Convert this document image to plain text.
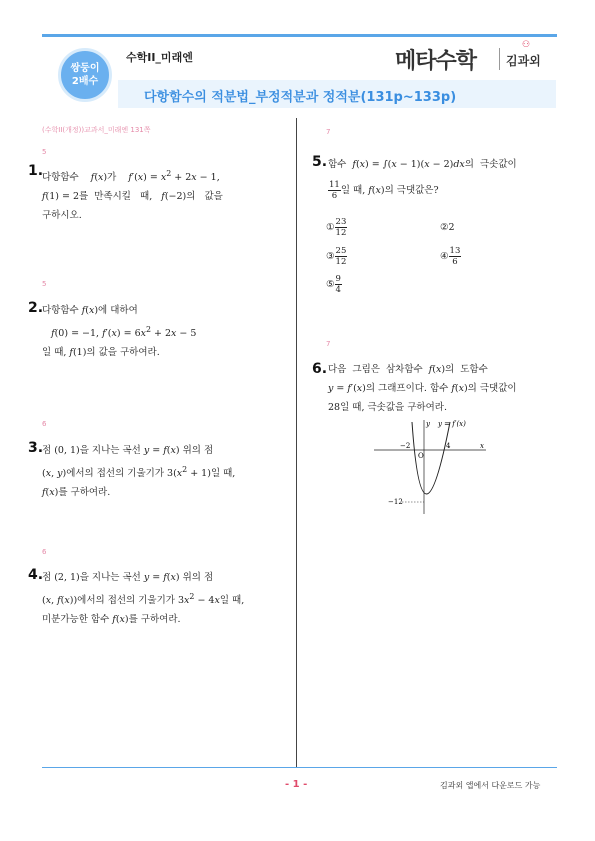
쌍둥이
2배수
수학II_미래엔
다항함수의 적분법_부정적분과 정적분(131p~133p)
메타수학
⚇
김과외
(수학II(개정))교과서_미래엔 131쪽
5
1.
다항함수    f(x)가    $f'(x) = x^2 + 2x - 1$,
f(1) = 2를  만족시킬   때,   f(−2)의   값을
구하시오.
5
2.
다항함수 f(x)에 대하여
f(0) = −1, $f'(x) = 6x^2 + 2x - 5$
일 때, f(1)의 값을 구하여라.
6
3.
점 (0, 1)을 지나는 곡선 y = f(x) 위의 점
(x, y)에서의 접선의 기울기가 $3(x^2 + 1)$일 때,
f(x)를 구하여라.
6
4.
점 (2, 1)을 지나는 곡선 y = f(x) 위의 점
(x, f(x))에서의 접선의 기울기가 $3x^2 - 4x$일 때,
미분가능한 함수 f(x)를 구하여라.
7
5. 함수  f(x) = ∫(x − 1)(x − 2)dx의  극솟값이

$\frac{11}{6}$ 일 때, f(x)의 극댓값은?
① $\frac{23}{12}$	②2
③ $\frac{25}{12}$	④ $\frac{13}{6}$
⑤ $\frac{9}{4}$
7
6. 다음  그림은  삼차함수  f(x)의  도함수
y = f′(x)의 그래프이다. 함수 f(x)의 극댓값이
28일 때, 극솟값을 구하여라.
y y = f′(x)
x
O
−2	4
−12
- 1 -	김과외 앱에서 다운로드 가능
